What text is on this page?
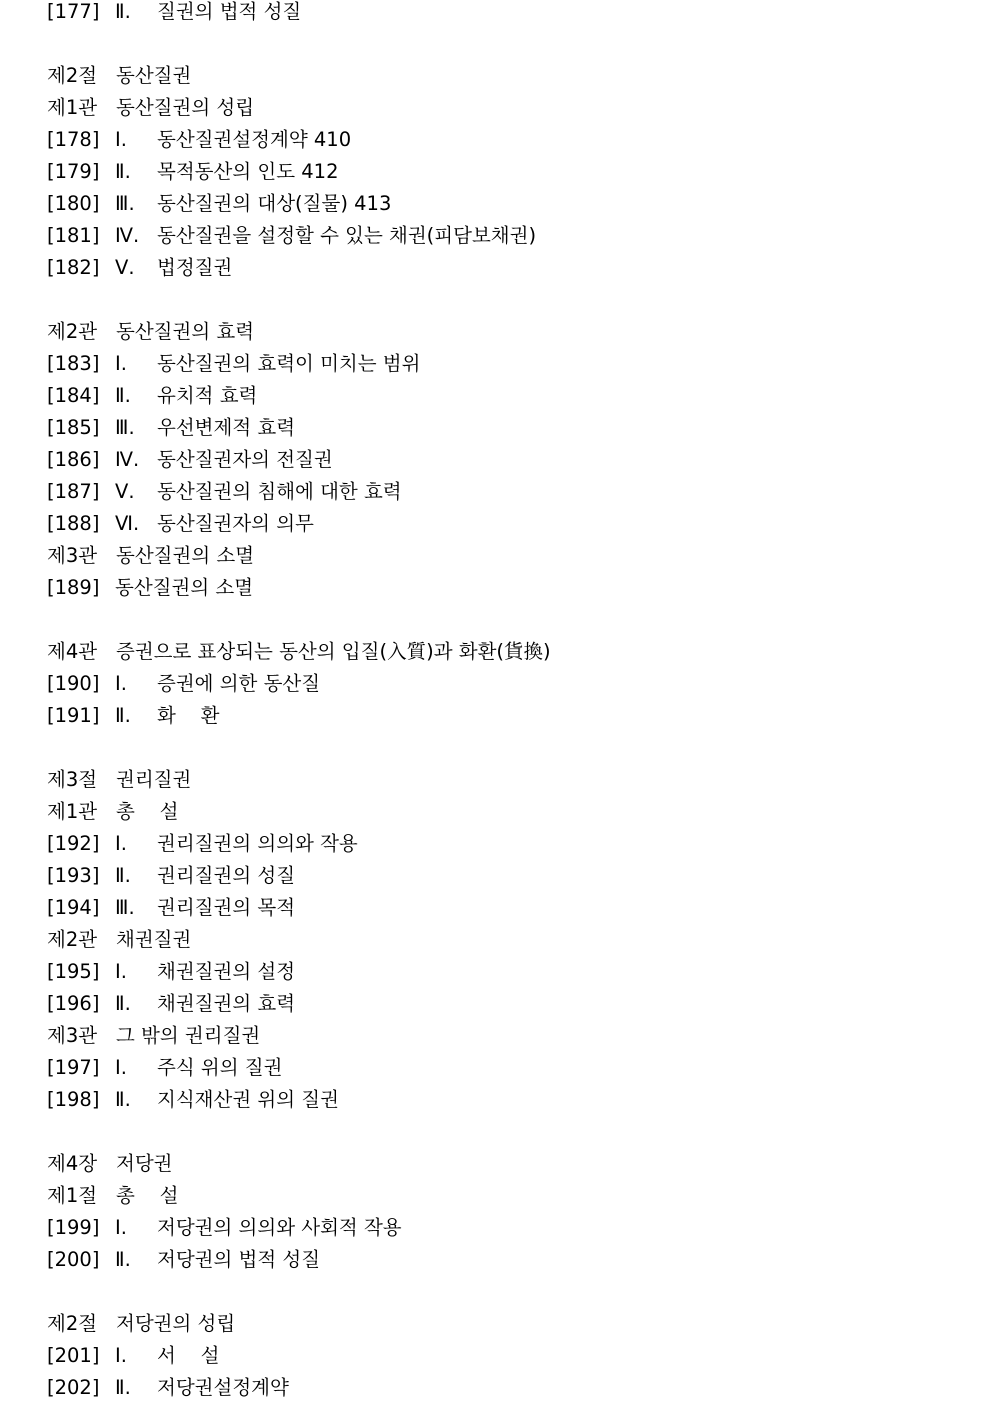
[177] Ⅱ.	질권의 법적 성질
제2절 동산질권
제1관 동산질권의 성립
[178] Ⅰ.	동산질권설정계약 410
[179] Ⅱ.	목적동산의 인도 412
[180] Ⅲ.	동산질권의 대상(질물) 413
[181] Ⅳ. 동산질권을 설정할 수 있는 채권(피담보채권)
[182] Ⅴ.	법정질권
제2관 동산질권의 효력
[183] Ⅰ.	동산질권의 효력이 미치는 범위
[184] Ⅱ.	유치적 효력
[185] Ⅲ.	우선변제적 효력
[186] Ⅳ. 동산질권자의 전질권
[187] Ⅴ.	동산질권의 침해에 대한 효력
[188] Ⅵ. 동산질권자의 의무
제3관 동산질권의 소멸
[189] 동산질권의 소멸
제4관 증권으로 표상되는 동산의 입질(入質)과 화환(貨換)
[190] Ⅰ.	증권에 의한 동산질
[191] Ⅱ.	화    환
제3절 권리질권
제1관 총    설
[192] Ⅰ.	권리질권의 의의와 작용
[193] Ⅱ.	권리질권의 성질
[194] Ⅲ.	권리질권의 목적
제2관 채권질권
[195] Ⅰ.	채권질권의 설정
[196] Ⅱ.	채권질권의 효력
제3관 그 밖의 권리질권
[197] Ⅰ.	주식 위의 질권
[198] Ⅱ.	지식재산권 위의 질권
제4장 저당권
제1절 총    설
[199] Ⅰ.	저당권의 의의와 사회적 작용
[200] Ⅱ.	저당권의 법적 성질
제2절 저당권의 성립
[201] Ⅰ.	서    설
[202] Ⅱ.	저당권설정계약
